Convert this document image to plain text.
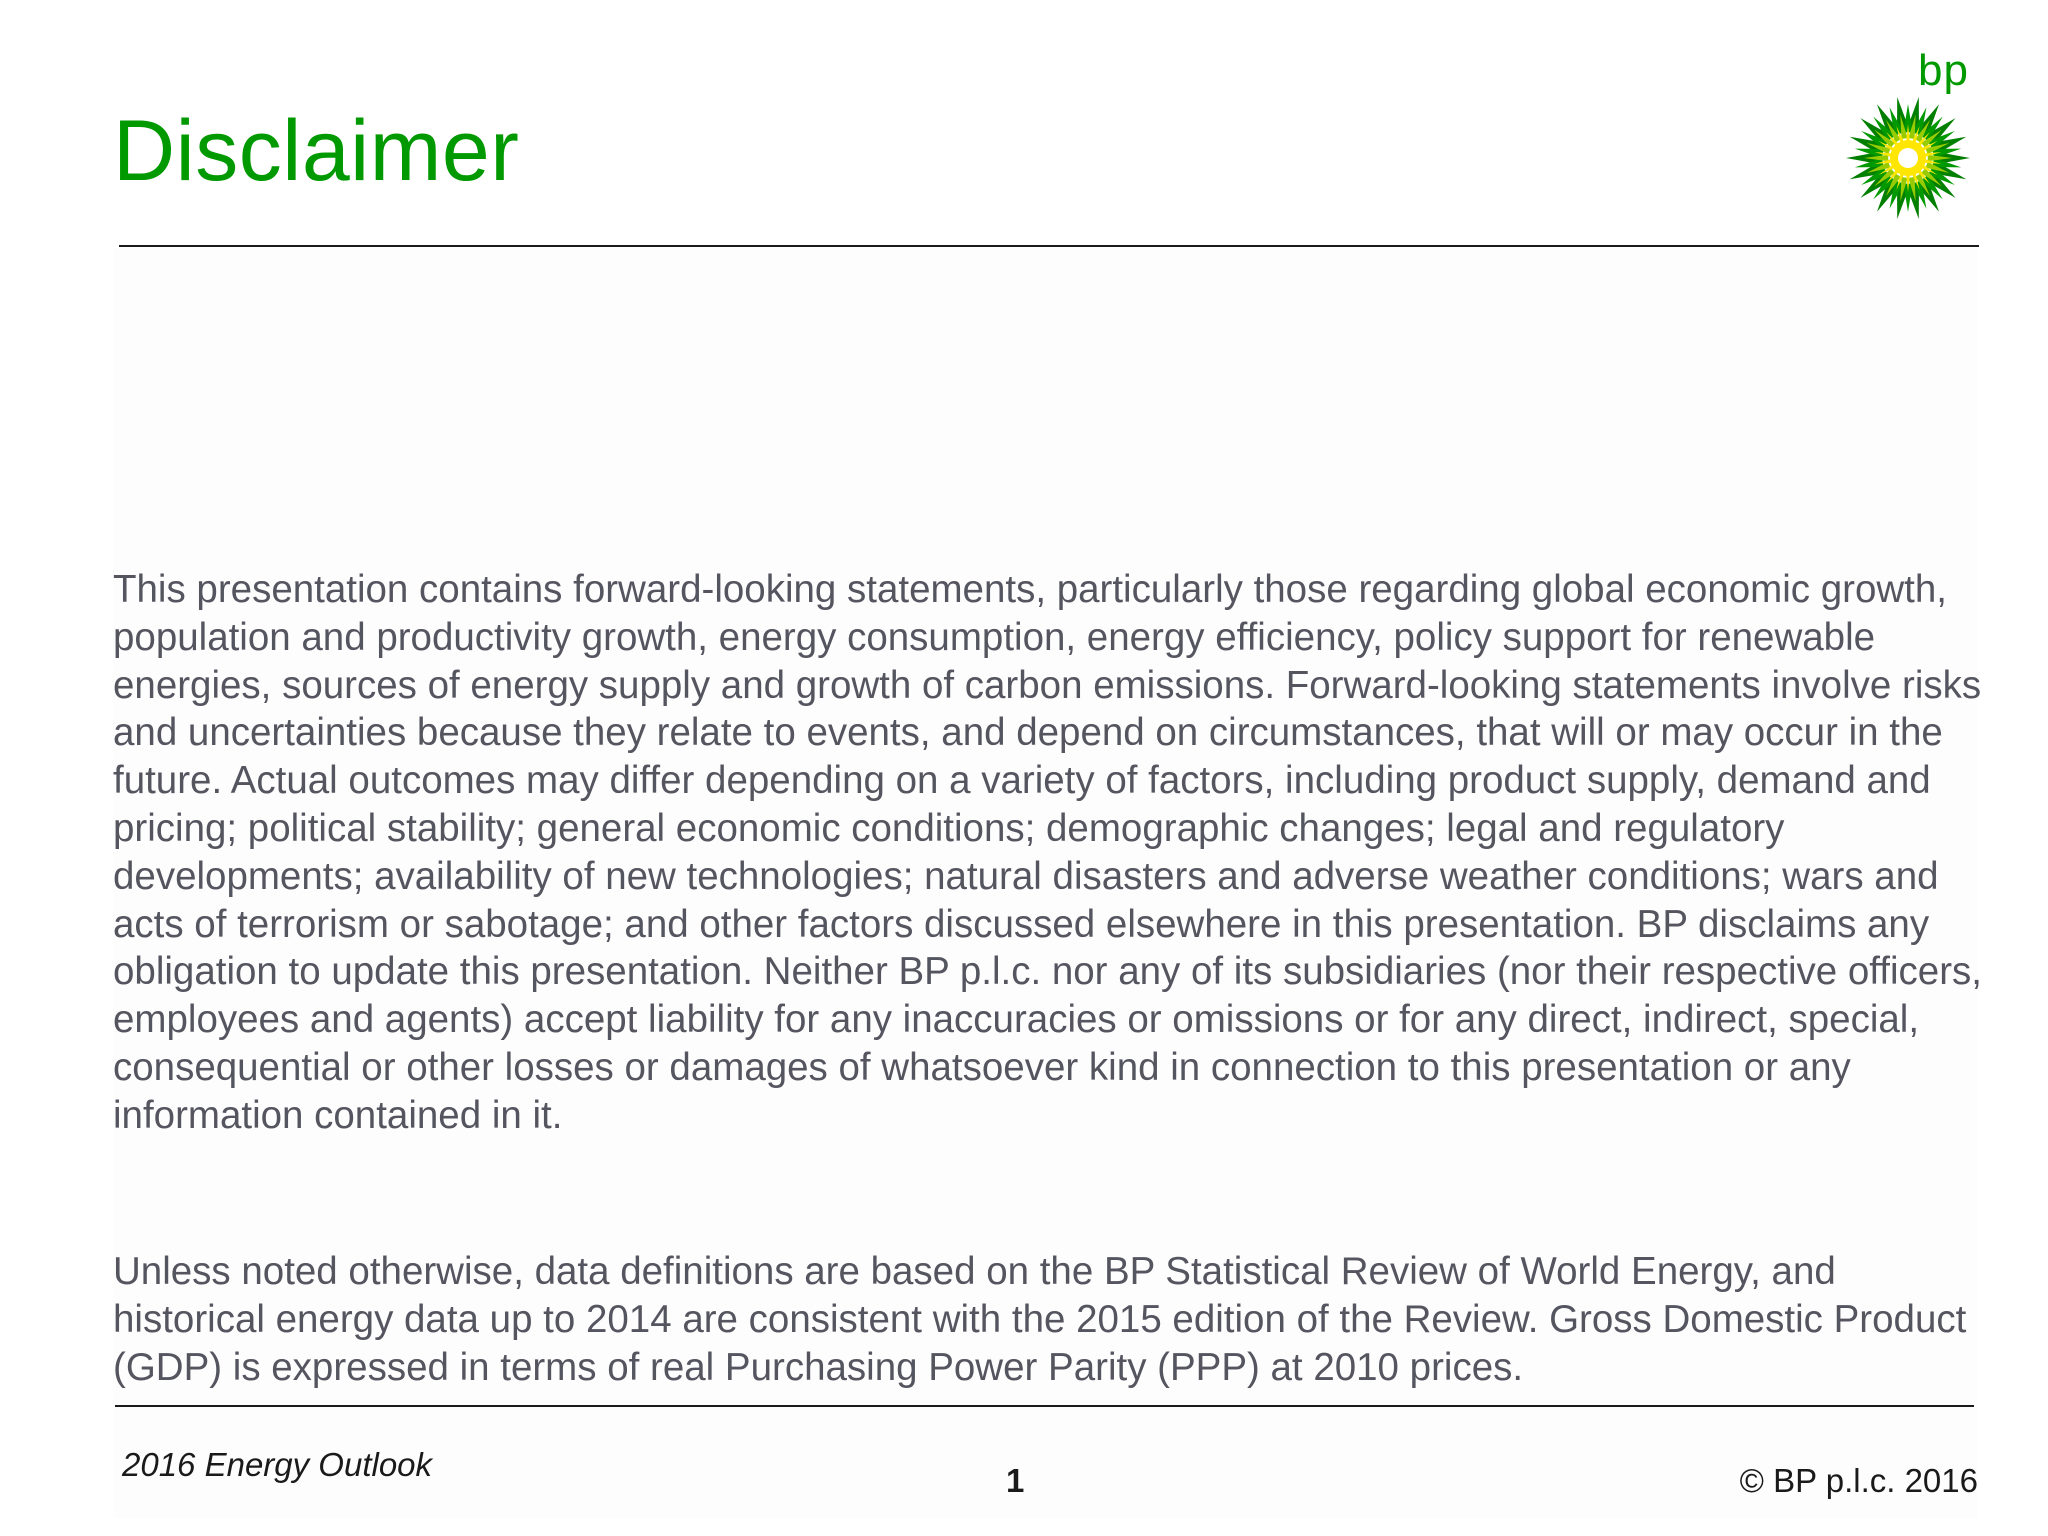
Disclaimer
bp

This presentation contains forward-looking statements, particularly those regarding global economic growth, population and productivity growth, energy consumption, energy efficiency, policy support for renewable energies, sources of energy supply and growth of carbon emissions. Forward-looking statements involve risks and uncertainties because they relate to events, and depend on circumstances, that will or may occur in the future. Actual outcomes may differ depending on a variety of factors, including product supply, demand and pricing; political stability; general economic conditions; demographic changes; legal and regulatory developments; availability of new technologies; natural disasters and adverse weather conditions; wars and acts of terrorism or sabotage; and other factors discussed elsewhere in this presentation. BP disclaims any obligation to update this presentation. Neither BP p.l.c. nor any of its subsidiaries (nor their respective officers, employees and agents) accept liability for any inaccuracies or omissions or for any direct, indirect, special, consequential or other losses or damages of whatsoever kind in connection to this presentation or any information contained in it.

Unless noted otherwise, data definitions are based on the BP Statistical Review of World Energy, and historical energy data up to 2014 are consistent with the 2015 edition of the Review. Gross Domestic Product (GDP) is expressed in terms of real Purchasing Power Parity (PPP) at 2010 prices.

2016 Energy Outlook	1	© BP p.l.c. 2016
